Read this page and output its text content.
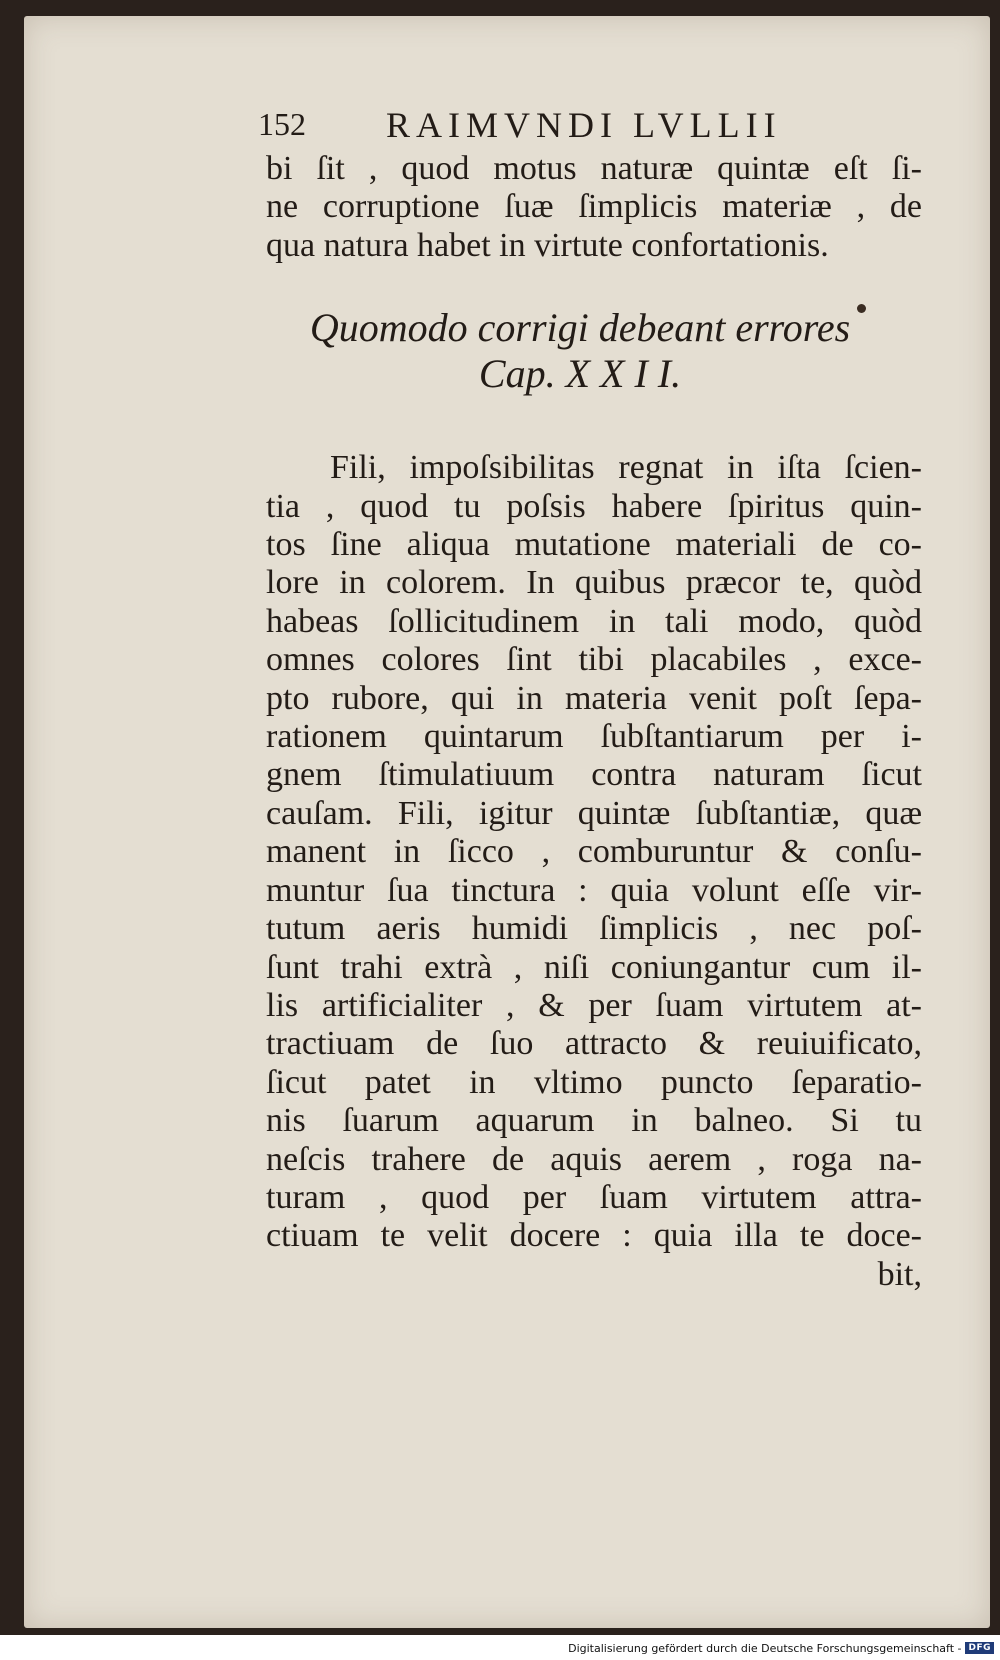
152 RAIMVNDI LVLLII
bi ſit , quod motus naturæ quintæ eſt ſi-
ne corruptione ſuæ ſimplicis materiæ , de
qua natura habet in virtute confortationis.
Quomodo corrigi debeant errores
Cap. X X I I.
Fili, impoſsibilitas regnat in iſta ſcien-
tia , quod tu poſsis habere ſpiritus quin-
tos ſine aliqua mutatione materiali de co-
lore in colorem. In quibus præcor te, quòd
habeas ſollicitudinem in tali modo, quòd
omnes colores ſint tibi placabiles , exce-
pto rubore, qui in materia venit poſt ſepa-
rationem quintarum ſubſtantiarum per i-
gnem ſtimulatiuum contra naturam ſicut
cauſam. Fili, igitur quintæ ſubſtantiæ, quæ
manent in ſicco , comburuntur & conſu-
muntur ſua tinctura : quia volunt eſſe vir-
tutum aeris humidi ſimplicis , nec poſ-
ſunt trahi extrà , niſi coniungantur cum il-
lis artificialiter , & per ſuam virtutem at-
tractiuam de ſuo attracto & reuiuificato,
ſicut patet in vltimo puncto ſeparatio-
nis ſuarum aquarum in balneo. Si tu
neſcis trahere de aquis aerem , roga na-
turam , quod per ſuam virtutem attra-
ctiuam te velit docere : quia illa te doce-
bit,
Digitalisierung gefördert durch die Deutsche Forschungsgemeinschaft - DFG
